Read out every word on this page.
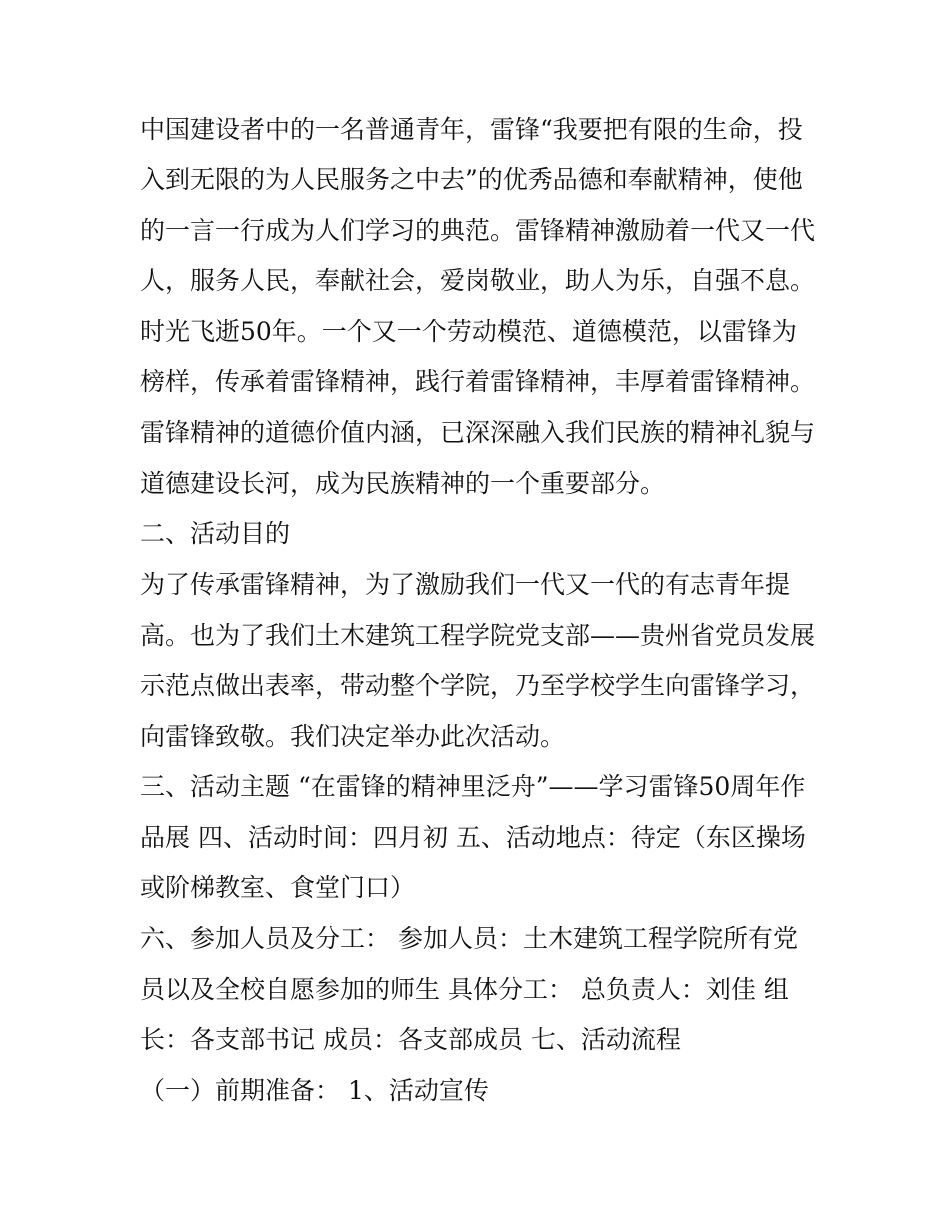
中国建设者中的一名普通青年，雷锋“我要把有限的生命，投
入到无限的为人民服务之中去”的优秀品德和奉献精神，使他
的一言一行成为人们学习的典范。雷锋精神激励着一代又一代
人，服务人民，奉献社会，爱岗敬业，助人为乐，自强不息。
时光飞逝50年。一个又一个劳动模范、道德模范，以雷锋为
榜样，传承着雷锋精神，践行着雷锋精神，丰厚着雷锋精神。
雷锋精神的道德价值内涵，已深深融入我们民族的精神礼貌与
道德建设长河，成为民族精神的一个重要部分。
二、活动目的
为了传承雷锋精神，为了激励我们一代又一代的有志青年提
高。也为了我们土木建筑工程学院党支部——贵州省党员发展
示范点做出表率，带动整个学院，乃至学校学生向雷锋学习，
向雷锋致敬。我们决定举办此次活动。
三、活动主题 “在雷锋的精神里泛舟”——学习雷锋50周年作
品展 四、活动时间：四月初 五、活动地点：待定（东区操场
或阶梯教室、食堂门口）
六、参加人员及分工： 参加人员：土木建筑工程学院所有党
员以及全校自愿参加的师生 具体分工： 总负责人：刘佳 组
长：各支部书记 成员：各支部成员 七、活动流程
（一）前期准备： 1、活动宣传
